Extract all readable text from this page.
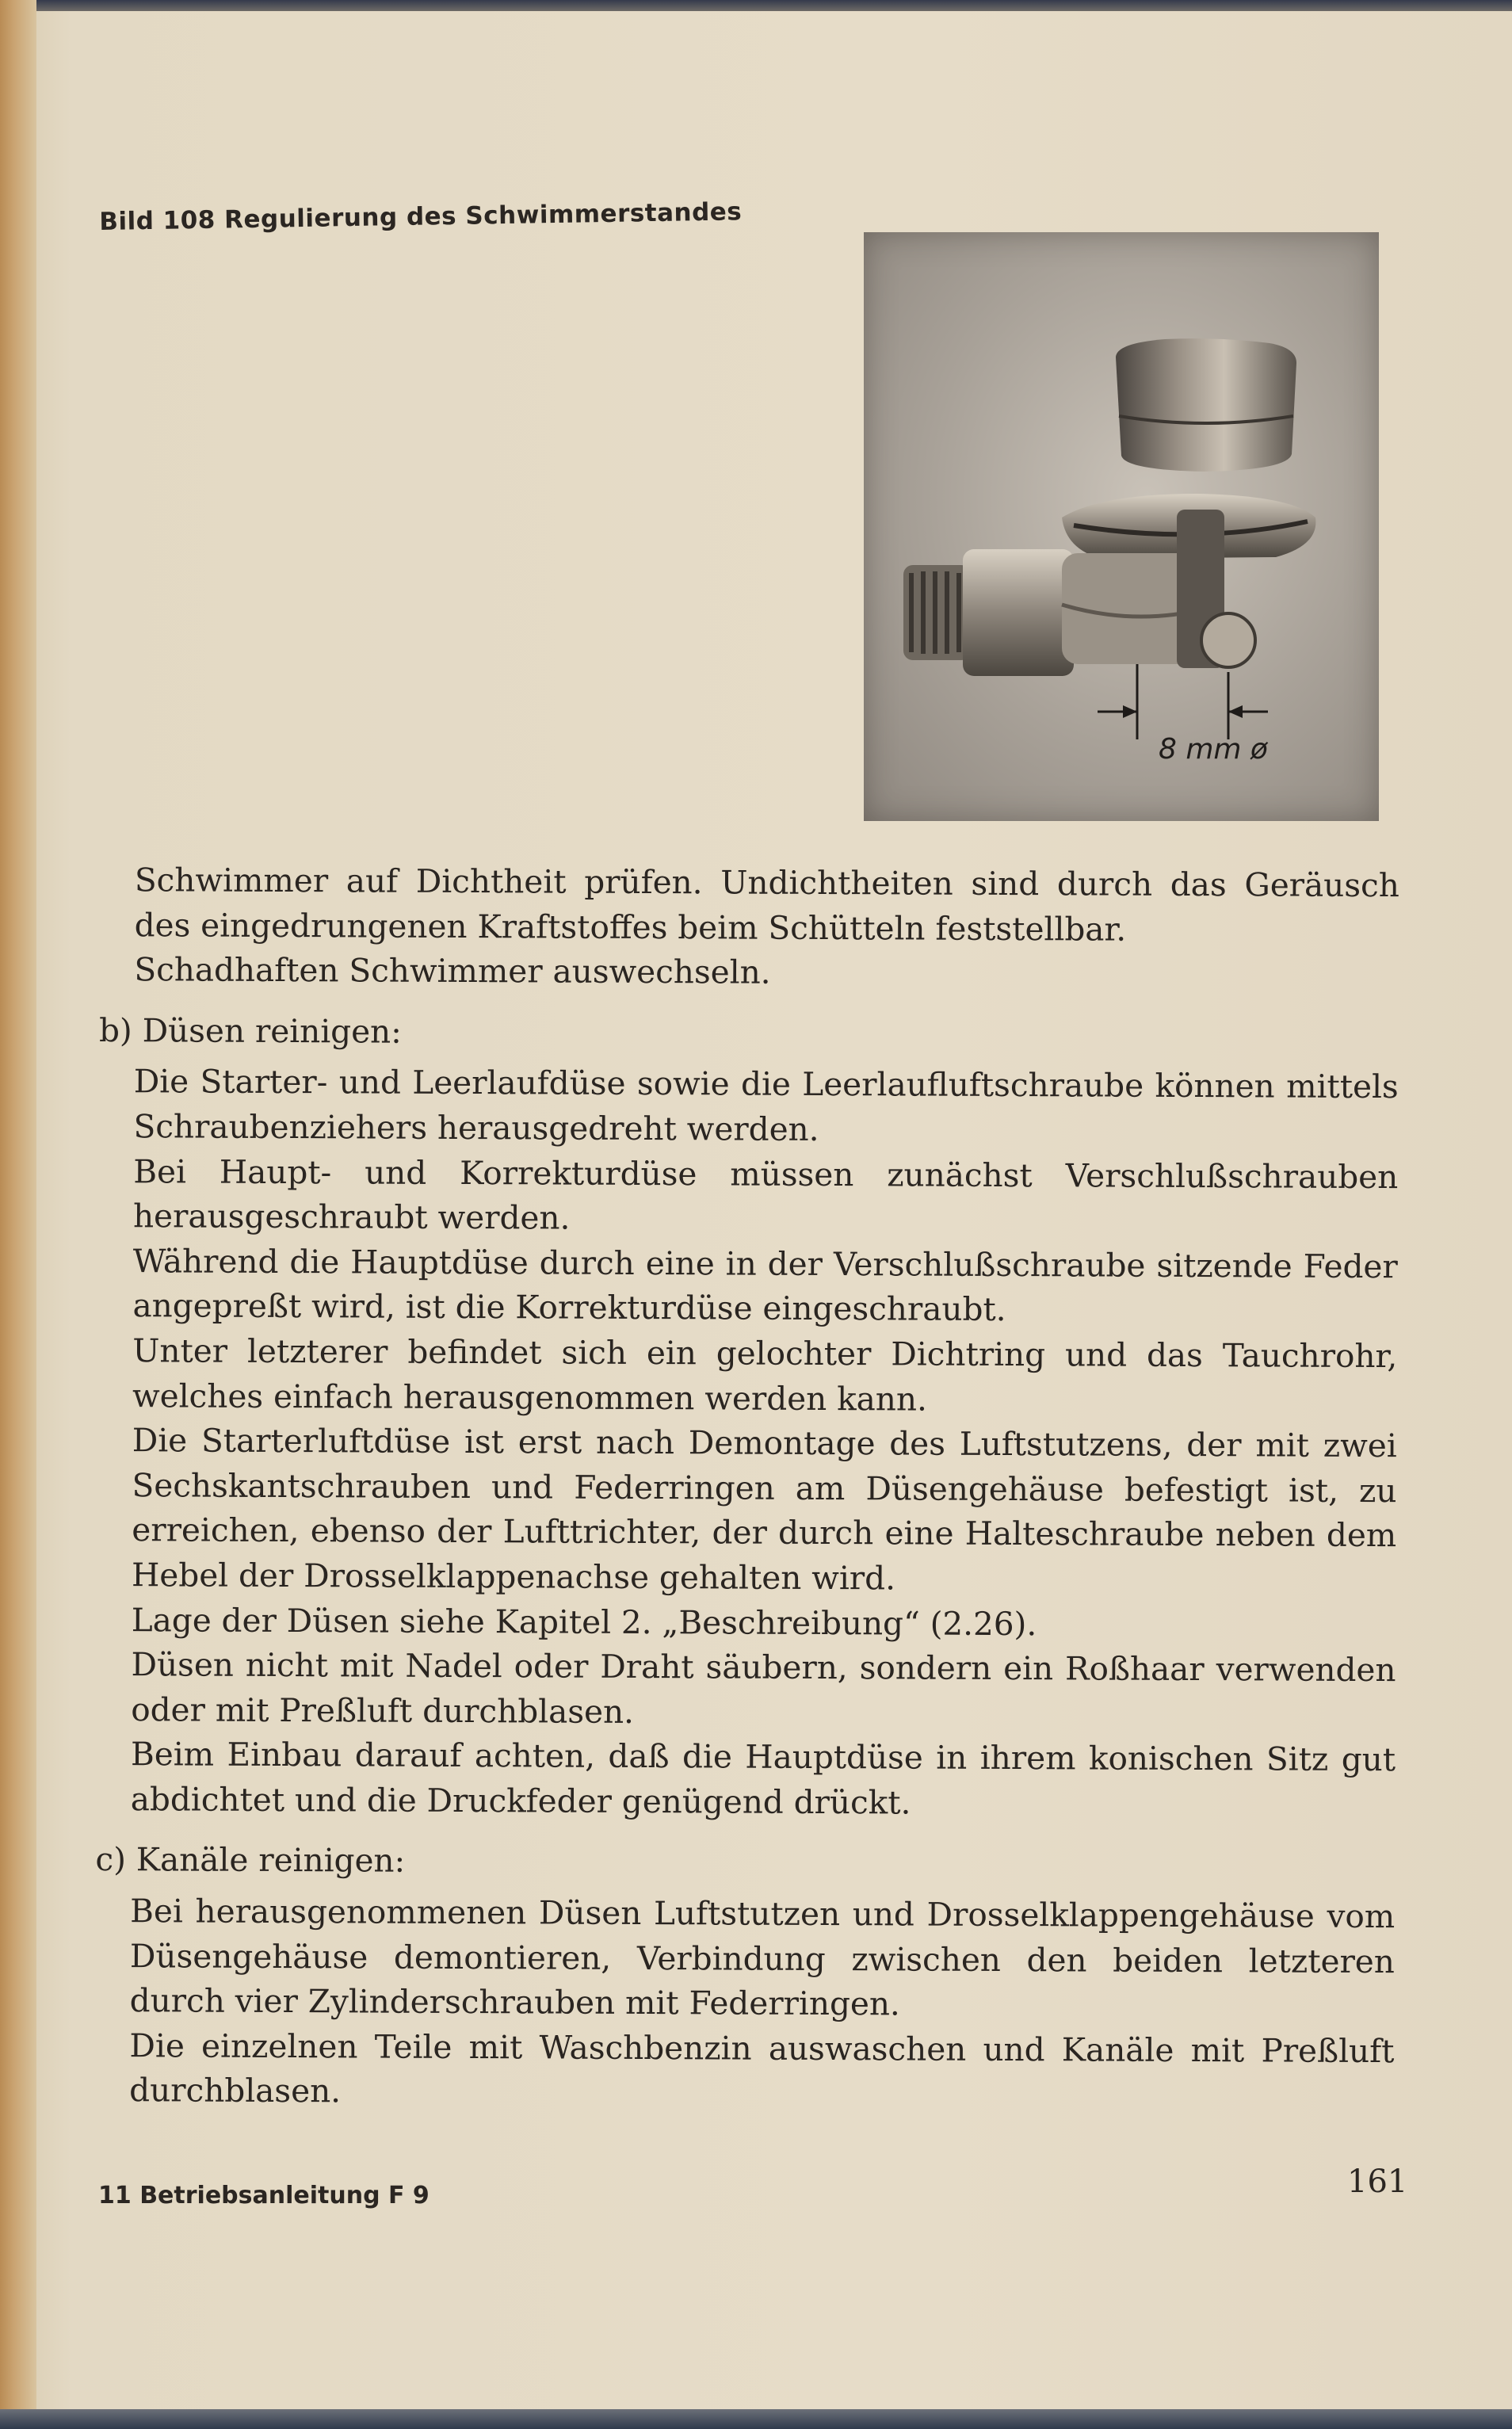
Bild 108 Regulierung des Schwimmerstandes
8 mm ø

Schwimmer auf Dichtheit prüfen. Undichtheiten sind durch das Geräusch des eingedrungenen Kraftstoffes beim Schütteln feststellbar.

Schadhaften Schwimmer auswechseln.

b) Düsen reinigen:

Die Starter- und Leerlaufdüse sowie die Leerlaufluftschraube können mittels Schraubenziehers herausgedreht werden.

Bei Haupt- und Korrekturdüse müssen zunächst Verschlußschrauben herausgeschraubt werden.

Während die Hauptdüse durch eine in der Verschlußschraube sitzende Feder angepreßt wird, ist die Korrekturdüse eingeschraubt.

Unter letzterer befindet sich ein gelochter Dichtring und das Tauchrohr, welches einfach herausgenommen werden kann.

Die Starterluftdüse ist erst nach Demontage des Luftstutzens, der mit zwei Sechskantschrauben und Federringen am Düsengehäuse befestigt ist, zu erreichen, ebenso der Lufttrichter, der durch eine Halteschraube neben dem Hebel der Drosselklappenachse gehalten wird.

Lage der Düsen siehe Kapitel 2. „Beschreibung“ (2.26).

Düsen nicht mit Nadel oder Draht säubern, sondern ein Roßhaar verwenden oder mit Preßluft durchblasen.

Beim Einbau darauf achten, daß die Hauptdüse in ihrem konischen Sitz gut abdichtet und die Druckfeder genügend drückt.

c) Kanäle reinigen:

Bei herausgenommenen Düsen Luftstutzen und Drosselklappengehäuse vom Düsengehäuse demontieren, Verbindung zwischen den beiden letzteren durch vier Zylinderschrauben mit Federringen.

Die einzelnen Teile mit Waschbenzin auswaschen und Kanäle mit Preßluft durchblasen.

11 Betriebsanleitung F 9	161
